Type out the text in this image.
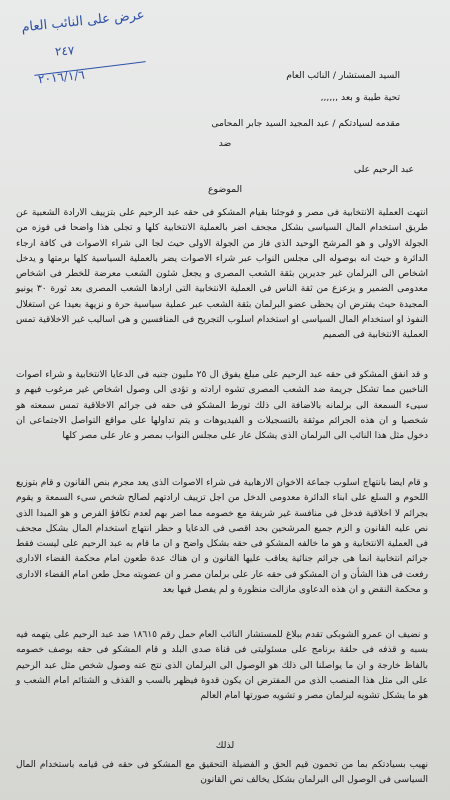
عرض على النائب العام
٢٤٧
٢٠١٦/١/٦	السيد المستشار / النائب العام
تحية طيبة و بعد ,,,,,,
مقدمه لسيادتكم / عبد المجيد السيد جابر المحامى
ضد
عبد الرحيم على
الموضوع
انتهت العملية الانتخابية فى مصر و فوجئنا بقيام المشكو فى حقه عبد الرحيم على بتزييف الارادة الشعبية عن طريق استخدام المال السياسى بشكل مجحف اضر بالعملية الانتخابية كلها و تجلى هذا واضحا فى فوزه من الجولة الاولى و هو المرشح الوحيد الذى فاز من الجولة الاولى حيث لجا الى شراء الاصوات فى كافة ارجاء الدائرة و حيث انه بوصوله الى مجلس النواب عبر شراء الاصوات يضر بالعملية السياسية كلها برمتها و يدخل اشخاص الى البرلمان غير جديرين بثقة الشعب المصرى و يجعل شئون الشعب معرضة للخطر فى اشخاص معدومى الضمير و يزعزع من ثقة الناس فى العملية الانتخابية التى ارادها الشعب المصرى بعد ثورة ٣٠ يونيو المجيدة حيث يفترض ان يحظى عضو البرلمان بثقة الشعب عبر عملية سياسية حرة و نزيهة بعيدا عن استغلال النفوذ او استخدام المال السياسى او استخدام اسلوب التجريح فى المنافسين و هى اساليب غير الاخلاقية تمس العملية الانتخابية فى الصميم
و قد انفق المشكو فى حقه عبد الرحيم على مبلغ يفوق ال ٢٥ مليون جنيه فى الدعايا الانتخابية و شراء اصوات الناخبين مما تشكل جريمة ضد الشعب المصرى تشوه ارادته و تؤدى الى وصول اشخاص غير مرغوب فيهم و سيىء السمعة الى برلمانه بالاضافة الى ذلك تورط المشكو فى حقه فى جرائم الاخلاقية تمس سمعته هو شخصيا و ان هذه الجرائم موثقة بالتسجيلات و الفيديوهات و يتم تداولها على مواقع التواصل الاجتماعى ان دخول مثل هذا النائب الى البرلمان الذى يشكل عار على مجلس النواب بمصر و عار على مصر كلها
و قام ايضا بانتهاج اسلوب جماعة الاخوان الارهابية فى شراء الاصوات الذى يعد مجرم بنص القانون و قام بتوزيع اللحوم و السلع على ابناء الدائرة معدومى الدخل من اجل تزييف ارادتهم لصالح شخص سىء السمعة و يقوم بجرائم لا اخلاقية فدخل فى منافسة غير شريفة مع خصومه مما اضر بهم لعدم تكافؤ الفرص و هو المبدا الذى نص عليه القانون و الزم جميع المرشحين بحد اقصى فى الدعايا و حظر انتهاج استخدام المال بشكل مجحف فى العملية الانتخابية و هو ما خالفه المشكو فى حقه بشكل واضح و ان ما قام به عبد الرحيم على ليست فقط جرائم انتخابية انما هى جرائم جنائية يعاقب عليها القانون و ان هناك عدة طعون امام محكمة القضاء الادارى رفعت فى هذا الشأن و ان المشكو فى حقه عار على برلمان مصر و ان عضويته محل طعن امام القضاء الادارى و محكمة النقض و ان هذه الدعاوى مازالت منظورة و لم يفصل فيها بعد
و نضيف ان عمرو الشوبكى تقدم ببلاغ للمستشار النائب العام حمل رقم ١٨٦١٥ ضد عبد الرحيم على يتهمه فيه بسبه و قذفه فى حلقة برنامج على مسئوليتى فى قناة صدى البلد و قام المشكو فى حقه بوصف خصومه بالفاظ خارجة و ان ما يواصلنا الى ذلك هو الوصول الى البرلمان الذى نتج عنه وصول شخص مثل عبد الرحيم على الى مثل هذا المنصب الذى من المفترض ان يكون قدوة فيظهر بالسب و القذف و الشتائم امام الشعب و هو ما يشكل تشويه لبرلمان مصر و تشويه صورتها امام العالم
لذلك
نهيب بسيادتكم بما من تحمون قيم الحق و الفضيلة التحقيق مع المشكو فى حقه فى قيامه باستخدام المال السياسى فى الوصول الى البرلمان بشكل يخالف نص القانون
